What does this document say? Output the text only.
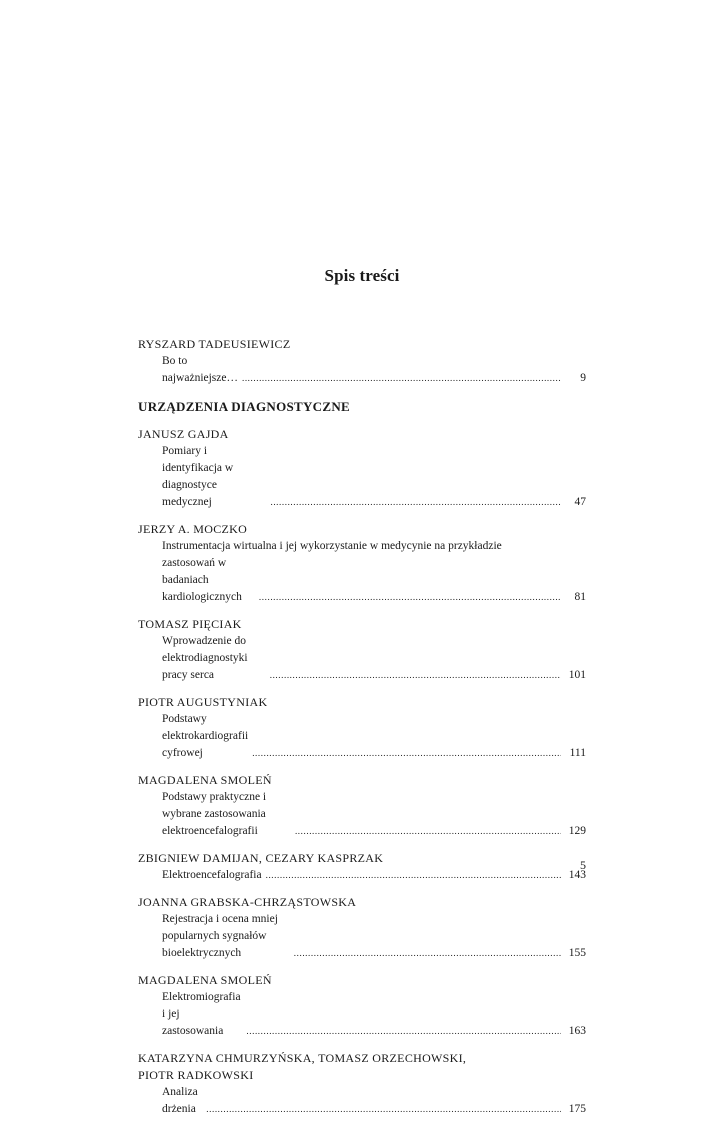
Spis treści
RYSZARD TADEUSIEWICZ
Bo to najważniejsze… .....	9
URZĄDZENIA DIAGNOSTYCZNE
JANUSZ GAJDA
Pomiary i identyfikacja w diagnostyce medycznej .....	47
JERZY A. MOCZKO
Instrumentacja wirtualna i jej wykorzystanie w medycynie na przykładzie
zastosowań w badaniach kardiologicznych .....	81
TOMASZ PIĘCIAK
Wprowadzenie do elektrodiagnostyki pracy serca .....	101
PIOTR AUGUSTYNIAK
Podstawy elektrokardiografii cyfrowej .....	111
MAGDALENA SMOLEŃ
Podstawy praktyczne i wybrane zastosowania elektroencefalografii .....	129
ZBIGNIEW DAMIJAN, CEZARY KASPRZAK
Elektroencefalografia .....	143
JOANNA GRABSKA-CHRZĄSTOWSKA
Rejestracja i ocena mniej popularnych sygnałów bioelektrycznych .....	155
MAGDALENA SMOLEŃ
Elektromiografia i jej zastosowania .....	163
KATARZYNA CHMURZYŃSKA, TOMASZ ORZECHOWSKI,
PIOTR RADKOWSKI
Analiza drżenia .....	175
5
